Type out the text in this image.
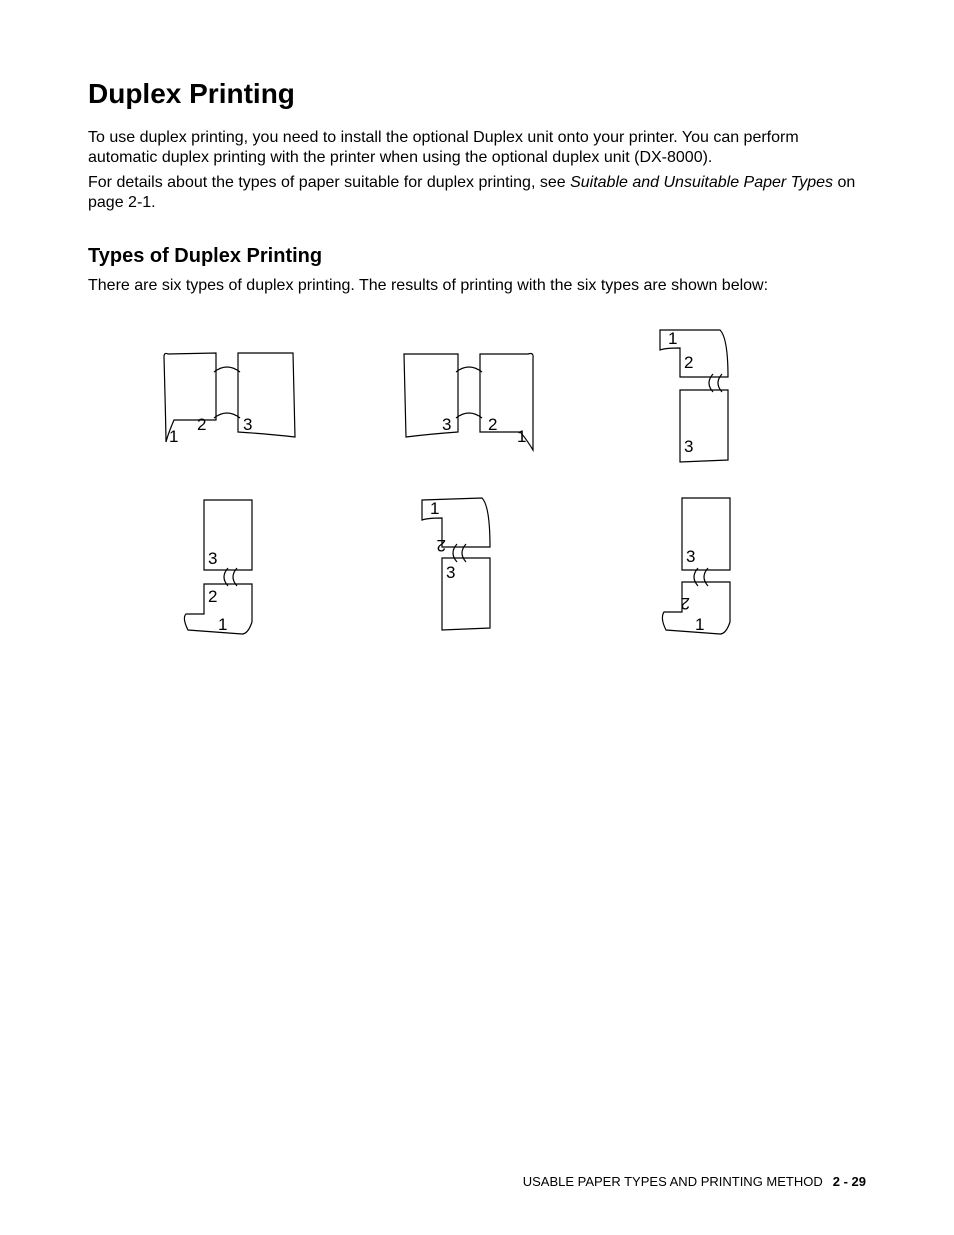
Duplex Printing

To use duplex printing, you need to install the optional Duplex unit onto your printer. You can perform automatic duplex printing with the printer when using the optional duplex unit (DX-8000).

For details about the types of paper suitable for duplex printing, see Suitable and Unsuitable Paper Types on page 2-1.

Types of Duplex Printing

There are six types of duplex printing. The results of printing with the six types are shown below:

1
2 3	3 2
1
1
2
3
3
2
1
1
2
3
3
2
1
USABLE PAPER TYPES AND PRINTING METHOD 2 - 29
